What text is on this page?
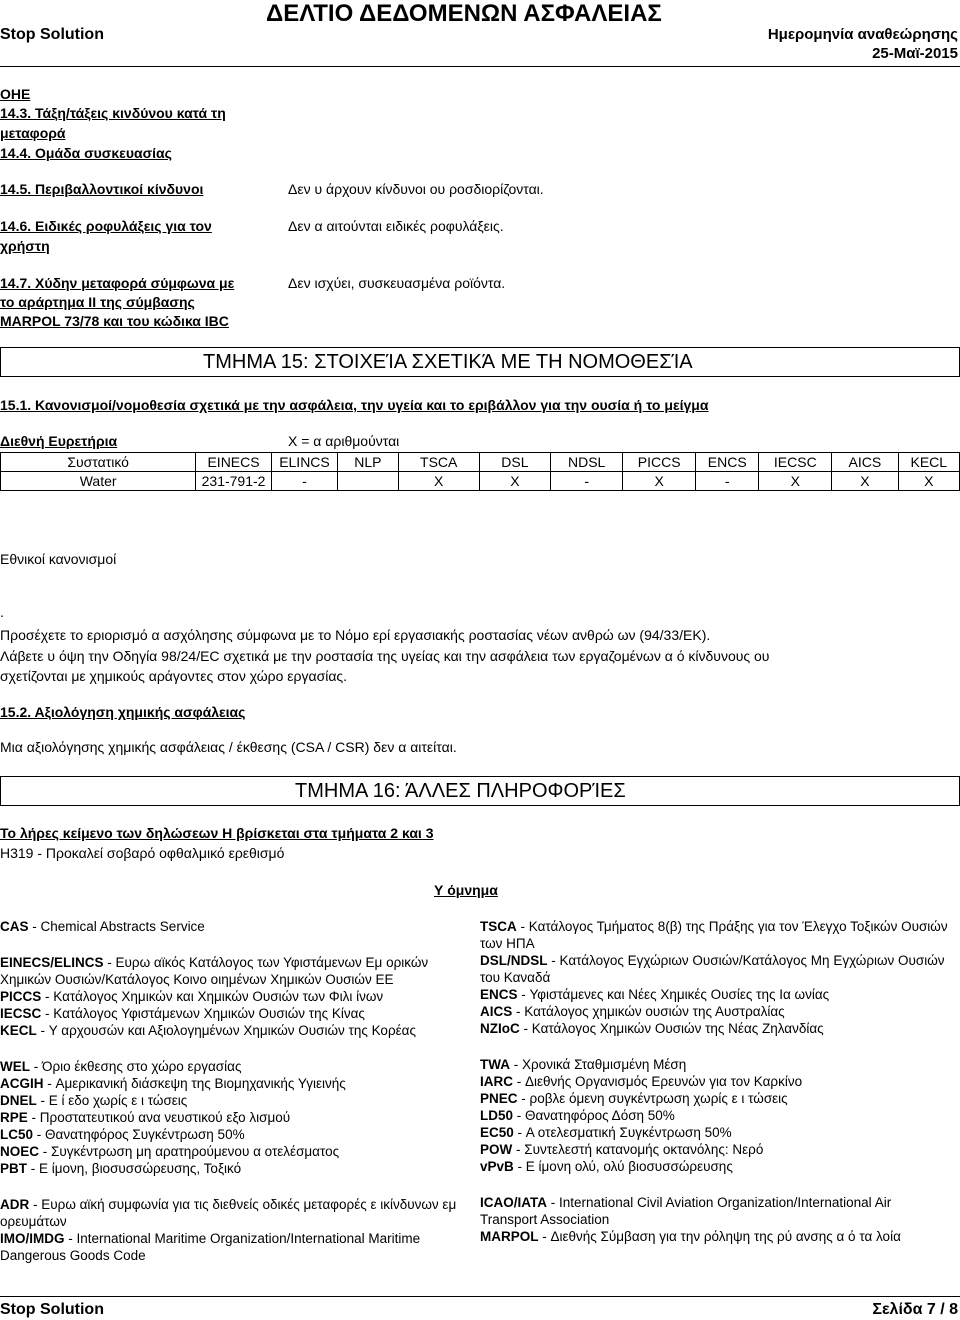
Stop Solution
ΔΕΛΤΙΟ ΔΕΔΟΜΕΝΩΝ ΑΣΦΑΛΕΙΑΣ
Ημερομηνία αναθεώρησης
25-Μαϊ-2015
ΟΗΕ
14.3. Τάξη/τάξεις κινδύνου κατά τη
μεταφορά
14.4. Ομάδα συσκευασίας
14.5. Περιβαλλοντικοί κίνδυνοι	Δεν υ άρχουν κίνδυνοι ου ροσδιορίζονται.
14.6. Ειδικές ροφυλάξεις για τον
χρήστη
Δεν α αιτούνται ειδικές ροφυλάξεις.
14.7. Χύδην μεταφορά σύμφωνα με
το αράρτημα II της σύμβασης
MARPOL 73/78 και του κώδικα IBC
Δεν ισχύει, συσκευασμένα ροϊόντα.
ΤΜΗΜΑ 15: ΣΤΟΙΧΕΊΑ ΣΧΕΤΙΚΆ ΜΕ ΤΗ ΝΟΜΟΘΕΣΊΑ
15.1. Κανονισμοί/νομοθεσία σχετικά με την ασφάλεια, την υγεία και το εριβάλλον για την ουσία ή το μείγμα
Διεθνή Ευρετήρια	X = α αριθμούνται
Συστατικό	EINECS	ELINCS	NLP	TSCA	DSL	NDSL	PICCS	ENCS	IECSC	AICS	KECL
Water	231-791-2	-		X	X	-	X	-	X	X	X
Εθνικοί κανονισμοί
.
Προσέχετε το εριορισμό α ασχόλησης σύμφωνα με το Νόμο ερί εργασιακής ροστασίας νέων ανθρώ ων (94/33/ΕΚ).
Λάβετε υ όψη την Οδηγία 98/24/EC σχετικά με την ροστασία της υγείας και την ασφάλεια των εργαζομένων α ό κίνδυνους ου
σχετίζονται με χημικούς αράγοντες στον χώρο εργασίας.
15.2. Αξιολόγηση χημικής ασφάλειας
Μια αξιολόγησης χημικής ασφάλειας / έκθεσης (CSA / CSR) δεν α αιτείται.
ΤΜΗΜΑ 16: ΆΛΛΕΣ ΠΛΗΡΟΦΟΡΊΕΣ
Το λήρες κείμενο των δηλώσεων H βρίσκεται στα τμήματα 2 και 3
H319 - Προκαλεί σοβαρό οφθαλμικό ερεθισμό
Υ όμνημα
CAS - Chemical Abstracts Service
EINECS/ELINCS - Ευρω αϊκός Κατάλογος των Υφιστάμενων Εμ ορικών Χημικών Ουσιών/Κατάλογος Κοινο οιημένων Χημικών Ουσιών ΕΕ
PICCS - Κατάλογος Χημικών και Χημικών Ουσιών των Φιλι ίνων
IECSC - Κατάλογος Υφιστάμενων Χημικών Ουσιών της Κίνας
KECL - Υ αρχουσών και Αξιολογημένων Χημικών Ουσιών της Κορέας
WEL - Όριο έκθεσης στο χώρο εργασίας
ACGIH - Αμερικανική διάσκεψη της Βιομηχανικής Υγιεινής
DNEL - Ε ί εδο χωρίς ε ι τώσεις
RPE - Προστατευτικού ανα νευστικού εξο λισμού
LC50 - Θανατηφόρος Συγκέντρωση 50%
NOEC - Συγκέντρωση μη αρατηρούμενου α οτελέσματος
PBT - Ε ίμονη, βιοσυσσώρευσης, Τοξικό
ADR - Ευρω αϊκή συμφωνία για τις διεθνείς οδικές μεταφορές ε ικίνδυνων εμ ορευμάτων
IMO/IMDG - International Maritime Organization/International Maritime Dangerous Goods Code
TSCA - Κατάλογος Τμήματος 8(β) της Πράξης για τον Έλεγχο Τοξικών Ουσιών των ΗΠΑ
DSL/NDSL - Κατάλογος Εγχώριων Ουσιών/Κατάλογος Μη Εγχώριων Ουσιών του Καναδά
ENCS - Υφιστάμενες και Νέες Χημικές Ουσίες της Ια ωνίας
AICS - Κατάλογος χημικών ουσιών της Αυστραλίας
NZIoC - Κατάλογος Χημικών Ουσιών της Νέας Ζηλανδίας
TWA - Χρονικά Σταθμισμένη Μέση
IARC - Διεθνής Οργανισμός Ερευνών για τον Καρκίνο
PNEC - ροβλε όμενη συγκέντρωση χωρίς ε ι τώσεις
LD50 - Θανατηφόρος Δόση 50%
EC50 - Α οτελεσματική Συγκέντρωση 50%
POW - Συντελεστή κατανομής οκτανόλης: Νερό
vPvB - Ε ίμονη ολύ, ολύ βιοσυσσώρευσης
ICAO/IATA - International Civil Aviation Organization/International Air Transport Association
MARPOL - Διεθνής Σύμβαση για την ρόληψη της ρύ ανσης α ό τα λοία
Stop Solution	Σελίδα 7 / 8
